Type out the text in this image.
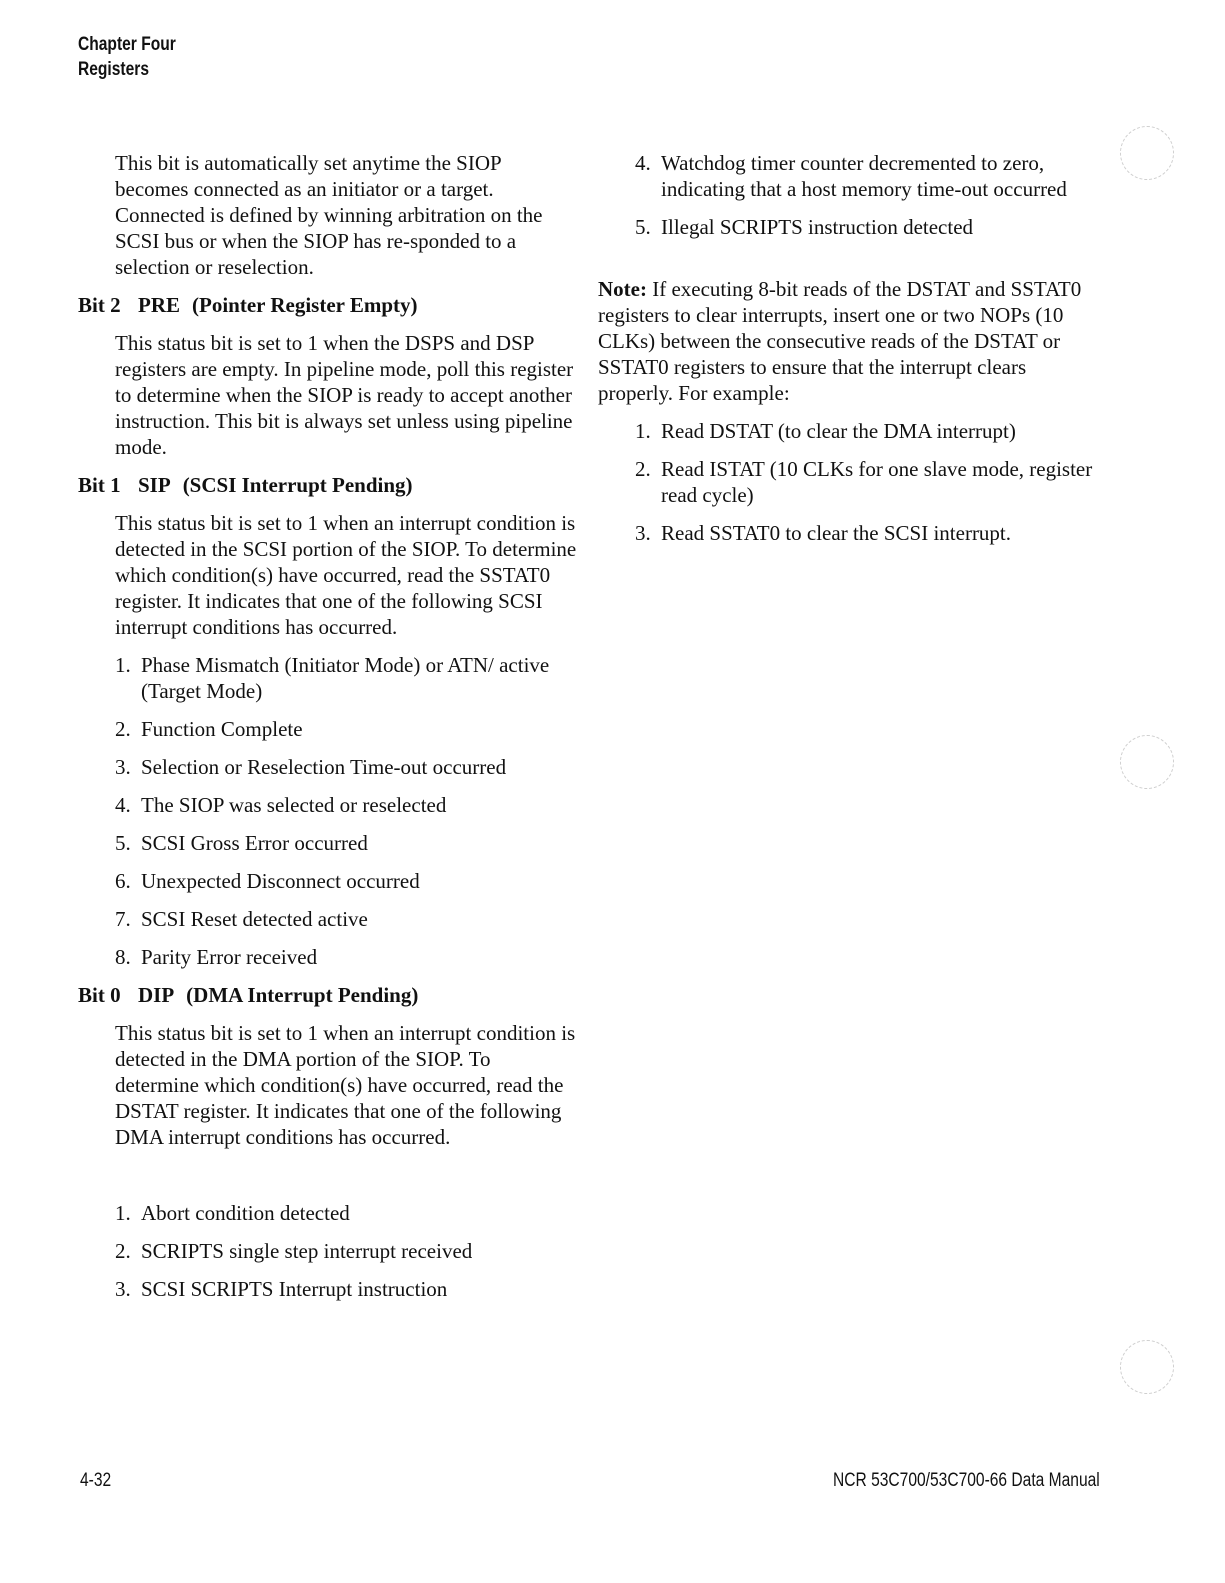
Chapter Four
Registers

This bit is automatically set anytime the SIOP becomes connected as an initiator or a target. Connected is defined by winning arbitration on the SCSI bus or when the SIOP has re-sponded to a selection or reselection.

Bit 2 PRE (Pointer Register Empty)

This status bit is set to 1 when the DSPS and DSP registers are empty. In pipeline mode, poll this register to determine when the SIOP is ready to accept another instruction. This bit is always set unless using pipeline mode.

Bit 1 SIP (SCSI Interrupt Pending)

This status bit is set to 1 when an interrupt condition is detected in the SCSI portion of the SIOP. To determine which condition(s) have occurred, read the SSTAT0 register. It indicates that one of the following SCSI interrupt conditions has occurred.

1. Phase Mismatch (Initiator Mode) or ATN/ active (Target Mode)
2. Function Complete
3. Selection or Reselection Time-out occurred
4. The SIOP was selected or reselected
5. SCSI Gross Error occurred
6. Unexpected Disconnect occurred
7. SCSI Reset detected active
8. Parity Error received
Bit 0 DIP (DMA Interrupt Pending)

This status bit is set to 1 when an interrupt condition is detected in the DMA portion of the SIOP. To determine which condition(s) have occurred, read the DSTAT register. It indicates that one of the following DMA interrupt conditions has occurred.

1. Abort condition detected
2. SCRIPTS single step interrupt received
3. SCSI SCRIPTS Interrupt instruction
4. Watchdog timer counter decremented to zero, indicating that a host memory time-out occurred
5. Illegal SCRIPTS instruction detected

Note: If executing 8-bit reads of the DSTAT and SSTAT0 registers to clear interrupts, insert one or two NOPs (10 CLKs) between the consecutive reads of the DSTAT or SSTAT0 registers to ensure that the interrupt clears properly. For example:

1. Read DSTAT (to clear the DMA interrupt)
2. Read ISTAT (10 CLKs for one slave mode, register read cycle)
3. Read SSTAT0 to clear the SCSI interrupt.
4-32	NCR 53C700/53C700-66 Data Manual
